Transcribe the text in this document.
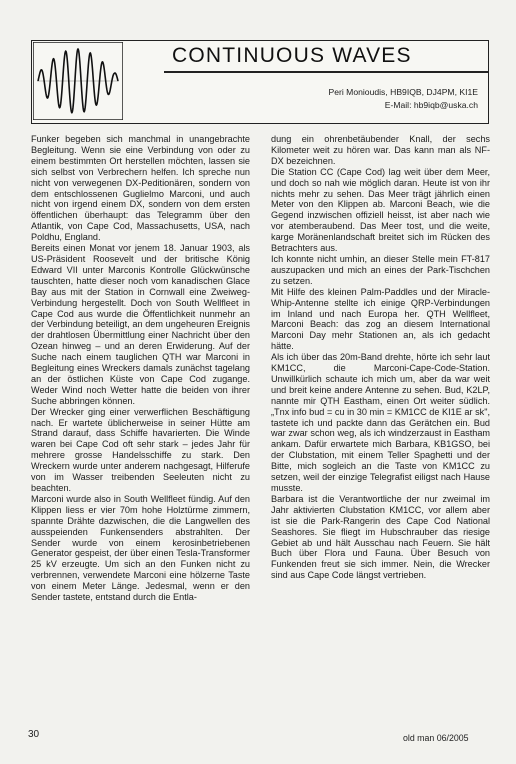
CONTINUOUS WAVES
Peri Monioudis, HB9IQB, DJ4PM, KI1E
E-Mail: hb9iqb@uska.ch

Funker begeben sich manchmal in unangebrachte Begleitung. Wenn sie eine Verbindung von oder zu einem bestimmten Ort herstellen möchten, lassen sie sich selbst von Verbrechern helfen. Ich spreche nun nicht von verwegenen DX-Peditionären, sondern von dem entschlossenen Guglielmo Marconi, und auch nicht von irgend einem DX, sondern von dem ersten öffentlichen überhaupt: das Telegramm über den Atlantik, von Cape Cod, Massachusetts, USA, nach Poldhu, England.

Bereits einen Monat vor jenem 18. Januar 1903, als US-Präsident Roosevelt und der britische König Edward VII unter Marconis Kontrolle Glückwünsche tauschten, hatte dieser noch vom kanadischen Glace Bay aus mit der Station in Cornwall eine Zweiweg-Verbindung hergestellt. Doch von South Wellfleet in Cape Cod aus wurde die Öffentlichkeit nunmehr an der Verbindung beteiligt, an dem ungeheuren Ereignis der drahtlosen Übermittlung einer Nachricht über den Ozean hinweg – und an deren Erwiderung. Auf der Suche nach einem tauglichen QTH war Marconi in Begleitung eines Wreckers damals zunächst tagelang an der östlichen Küste von Cape Cod zugange. Weder Wind noch Wetter hatte die beiden von ihrer Suche abbringen können.

Der Wrecker ging einer verwerflichen Beschäftigung nach. Er wartete üblicherweise in seiner Hütte am Strand darauf, dass Schiffe havarierten. Die Winde waren bei Cape Cod oft sehr stark – jedes Jahr für mehrere grosse Handelsschiffe zu stark. Den Wreckern wurde unter anderem nachgesagt, Hilferufe von im Wasser treibenden Seeleuten nicht zu beachten.

Marconi wurde also in South Wellfleet fündig. Auf den Klippen liess er vier 70m hohe Holztürme zimmern, spannte Drähte dazwischen, die die Langwellen des ausspeienden Funkensenders abstrahlten. Der Sender wurde von einem kerosinbetriebenen Generator gespeist, der über einen Tesla-Transformer 25 kV erzeugte. Um sich an den Funken nicht zu verbrennen, verwendete Marconi eine hölzerne Taste von einem Meter Länge. Jedesmal, wenn er den Sender tastete, entstand durch die Entla-

dung ein ohrenbetäubender Knall, der sechs Kilometer weit zu hören war. Das kann man als NF-DX bezeichnen.

Die Station CC (Cape Cod) lag weit über dem Meer, und doch so nah wie möglich daran. Heute ist von ihr nichts mehr zu sehen. Das Meer trägt jährlich einen Meter von den Klippen ab. Marconi Beach, wie die Gegend inzwischen offiziell heisst, ist aber nach wie vor atemberaubend. Das Meer tost, und die weite, karge Moränenlandschaft breitet sich im Rücken des Betrachters aus.

Ich konnte nicht umhin, an dieser Stelle mein FT-817 auszupacken und mich an eines der Park-Tischchen zu setzen.

Mit Hilfe des kleinen Palm-Paddles und der Miracle-Whip-Antenne stellte ich einige QRP-Verbindungen im Inland und nach Europa her. QTH Wellfleet, Marconi Beach: das zog an diesem International Marconi Day mehr Stationen an, als ich gedacht hätte.

Als ich über das 20m-Band drehte, hörte ich sehr laut KM1CC, die Marconi-Cape-Code-Station. Unwillkürlich schaute ich mich um, aber da war weit und breit keine andere Antenne zu sehen. Bud, K2LP, nannte mir QTH Eastham, einen Ort weiter südlich. „Tnx info bud = cu in 30 min = KM1CC de KI1E ar sk", tastete ich und packte dann das Gerätchen ein. Bud war zwar schon weg, als ich windzerzaust in Eastham ankam. Dafür erwartete mich Barbara, KB1GSO, bei der Clubstation, mit einem Teller Spaghetti und der Bitte, mich sogleich an die Taste von KM1CC zu setzen, weil der einzige Telegrafist eiligst nach Hause musste.

Barbara ist die Verantwortliche der nur zweimal im Jahr aktivierten Clubstation KM1CC, vor allem aber ist sie die Park-Rangerin des Cape Cod National Seashores. Sie fliegt im Hubschrauber das riesige Gebiet ab und hält Ausschau nach Feuern. Sie hält Buch über Flora und Fauna. Über Besuch von Funkenden freut sie sich immer. Nein, die Wrecker sind aus Cape Code längst vertrieben.

30	old man 06/2005
